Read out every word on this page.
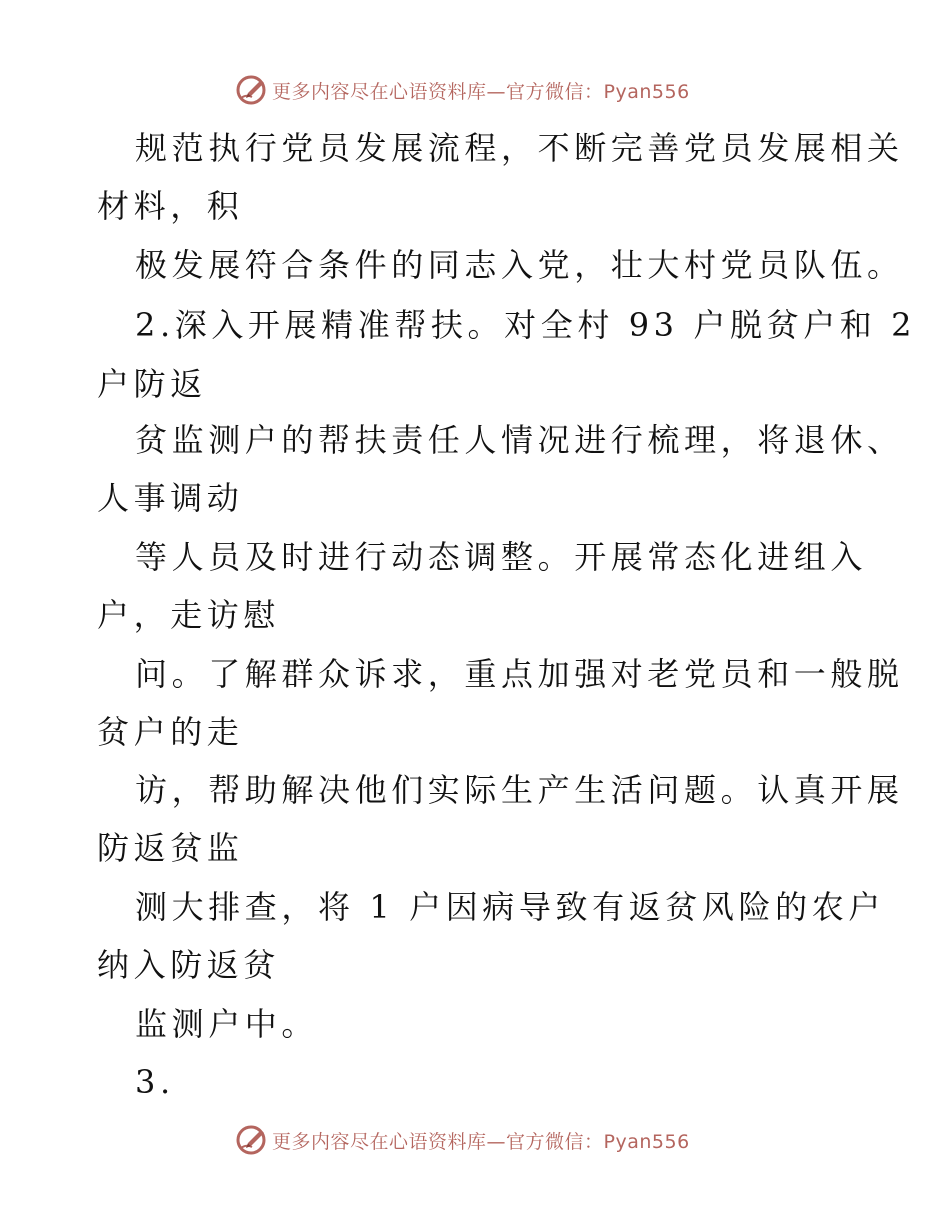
更多内容尽在心语资料库—官方微信：Pyan556
规范执行党员发展流程，不断完善党员发展相关
材料，积
极发展符合条件的同志入党，壮大村党员队伍。
2.深入开展精准帮扶。对全村 93 户脱贫户和 2
户防返
贫监测户的帮扶责任人情况进行梳理，将退休、
人事调动
等人员及时进行动态调整。开展常态化进组入
户，走访慰
问。了解群众诉求，重点加强对老党员和一般脱
贫户的走
访，帮助解决他们实际生产生活问题。认真开展
防返贫监
测大排查，将 1 户因病导致有返贫风险的农户
纳入防返贫
监测户中。
3.
更多内容尽在心语资料库—官方微信：Pyan556
